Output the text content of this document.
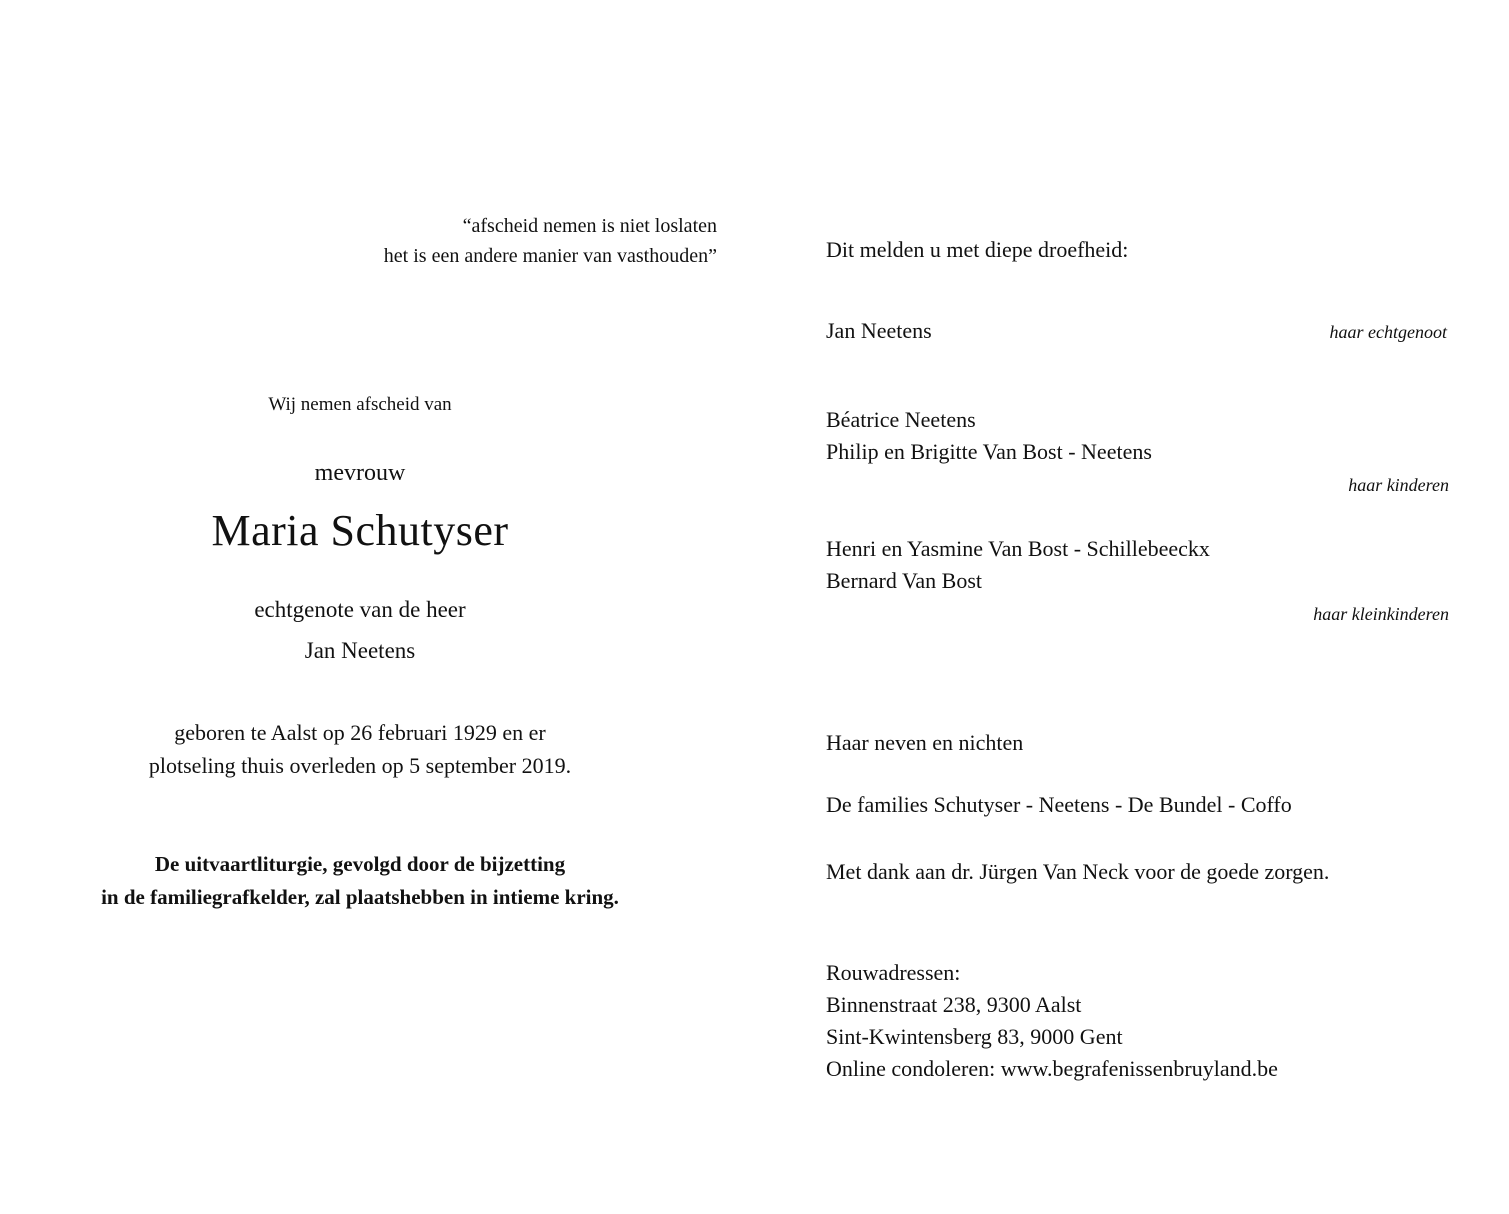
“afscheid nemen is niet loslaten
het is een andere manier van vasthouden”
Wij nemen afscheid van
mevrouw
Maria Schutyser
echtgenote van de heer
Jan Neetens
geboren te Aalst op 26 februari 1929 en er
plotseling thuis overleden op 5 september 2019.
De uitvaartliturgie, gevolgd door de bijzetting
in de familiegrafkelder, zal plaatshebben in intieme kring.
Dit melden u met diepe droefheid:
Jan Neetens	haar echtgenoot
Béatrice Neetens
Philip en Brigitte Van Bost - Neetens
haar kinderen
Henri en Yasmine Van Bost - Schillebeeckx
Bernard Van Bost
haar kleinkinderen
Haar neven en nichten
De families Schutyser - Neetens - De Bundel - Coffo
Met dank aan dr. Jürgen Van Neck voor de goede zorgen.
Rouwadressen:
Binnenstraat 238, 9300 Aalst
Sint-Kwintensberg 83, 9000 Gent
Online condoleren: www.begrafenissenbruyland.be
